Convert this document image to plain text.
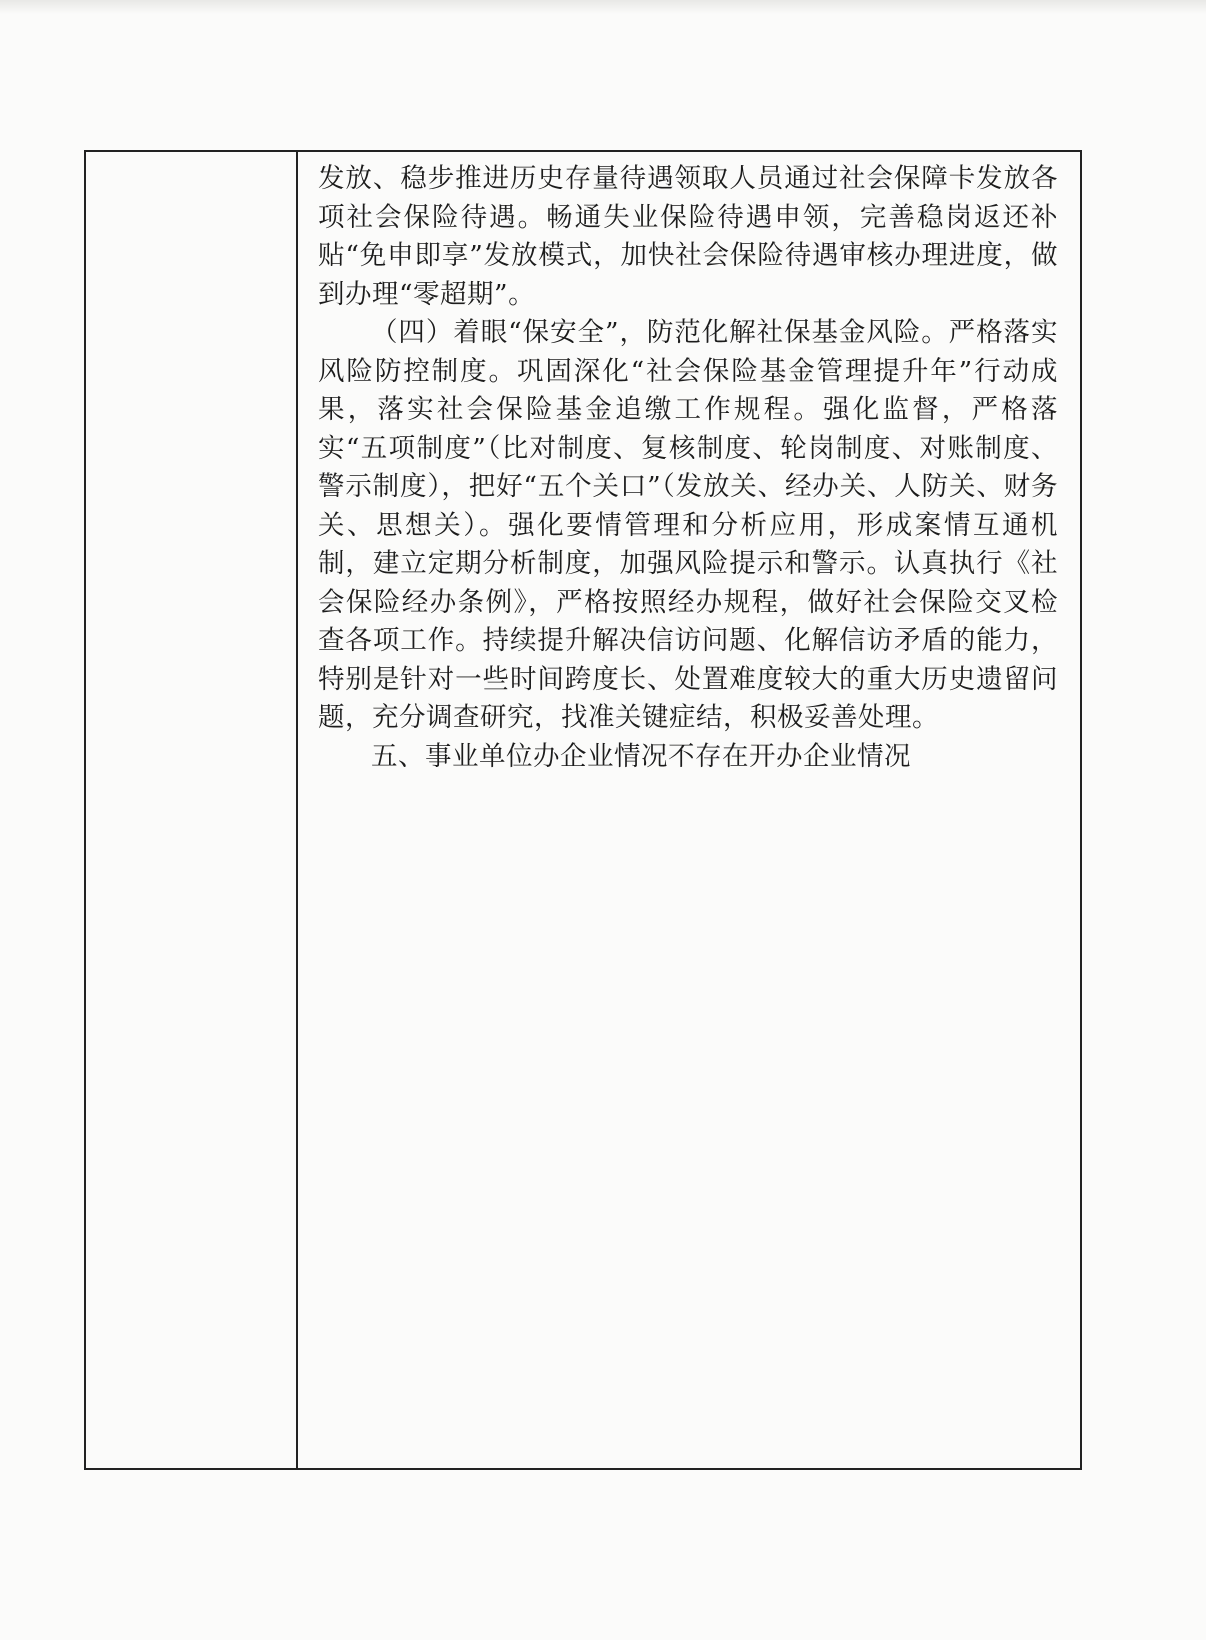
发放、稳步推进历史存量待遇领取人员通过社会保障卡发放各项社会保险待遇。畅通失业保险待遇申领，完善稳岗返还补贴“免申即享”发放模式，加快社会保险待遇审核办理进度，做到办理“零超期”。

（四）着眼“保安全”，防范化解社保基金风险。严格落实风险防控制度。巩固深化“社会保险基金管理提升年”行动成果，落实社会保险基金追缴工作规程。强化监督，严格落实“五项制度”（比对制度、复核制度、轮岗制度、对账制度、警示制度），把好“五个关口”（发放关、经办关、人防关、财务关、思想关）。强化要情管理和分析应用，形成案情互通机制，建立定期分析制度，加强风险提示和警示。认真执行《社会保险经办条例》，严格按照经办规程，做好社会保险交叉检查各项工作。持续提升解决信访问题、化解信访矛盾的能力，特别是针对一些时间跨度长、处置难度较大的重大历史遗留问题，充分调查研究，找准关键症结，积极妥善处理。

五、事业单位办企业情况不存在开办企业情况
